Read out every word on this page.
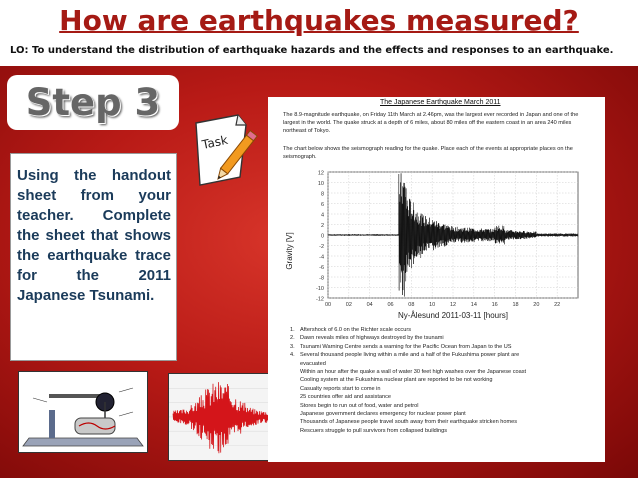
How are earthquakes measured?
LO: To understand the distribution of earthquake hazards and the effects and responses to an earthquake.
Step 3
Task
Using the handout sheet from your teacher. Complete the sheet that shows the earthquake trace for the 2011 Japanese Tsunami.
The Japanese Earthquake March 2011
The 8.9-magnitude earthquake, on Friday 11th March at 2.46pm, was the largest ever recorded in Japan and one of the largest in the world. The quake struck at a depth of 6 miles, about 80 miles off the eastern coast in an area 240 miles northeast of Tokyo.
The chart below shows the seismograph reading for the quake. Place each of the events at appropriate places on the seismograph.
12
10
8
6
4
2
0
-2
-4
-6
-8
-10
-12
00	02	04	06	08	10	12	14	16	18	20	22
Gravity [V]
Ny-Ålesund 2011-03-11 [hours]
1. Aftershock of 6.0 on the Richter scale occurs
2. Dawn reveals miles of highways destroyed by the tsunami
3. Tsunami Warning Centre sends a warning for the Pacific Ocean from Japan to the US
4. Several thousand people living within a mile and a half of the Fukushima power plant are
evacuated
Within an hour after the quake a wall of water 30 feet high washes over the Japanese coast
Cooling system at the Fukushima nuclear plant are reported to be not working
Casualty reports start to come in
25 countries offer aid and assistance
Stores begin to run out of food, water and petrol
Japanese government declares emergency for nuclear power plant
Thousands of Japanese people travel south away from their earthquake stricken homes
Rescuers struggle to pull survivors from collapsed buildings
